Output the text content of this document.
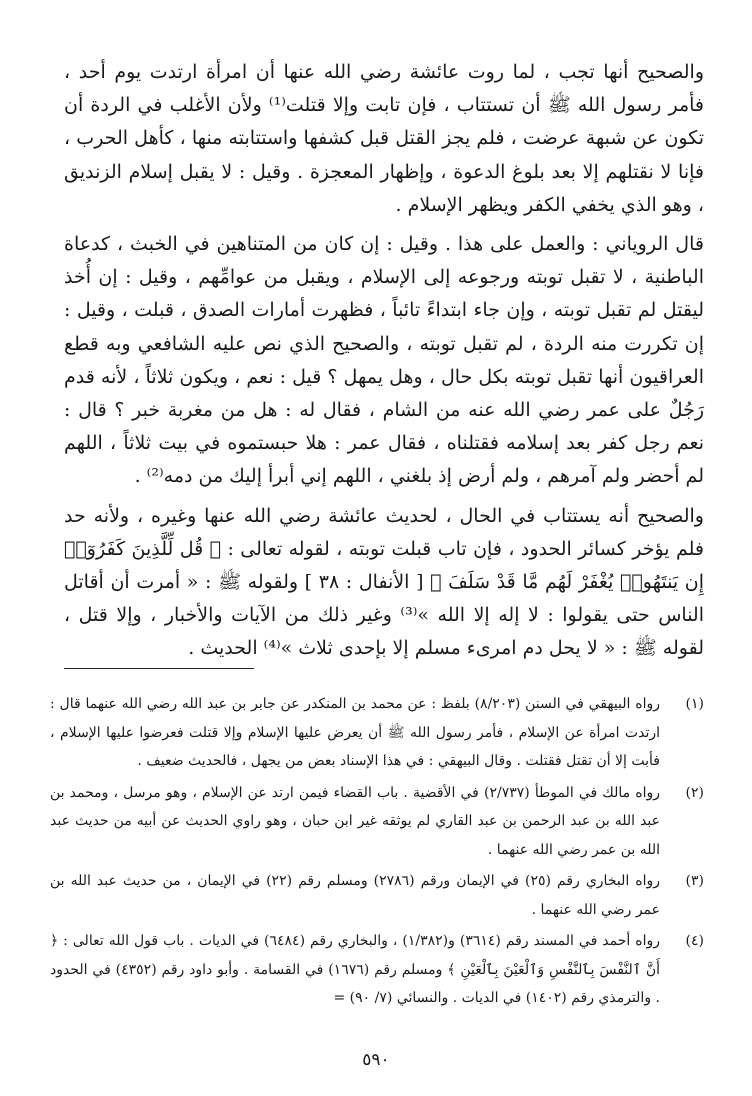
والصحيح أنها تجب ، لما روت عائشة رضي الله عنها أن امرأة ارتدت يوم أحد ، فأمر رسول الله ﷺ أن تستتاب ، فإن تابت وإلا قتلت⁽¹⁾ ولأن الأغلب في الردة أن تكون عن شبهة عرضت ، فلم يجز القتل قبل كشفها واستتابته منها ، كأهل الحرب ، فإنا لا نقتلهم إلا بعد بلوغ الدعوة ، وإظهار المعجزة . وقيل : لا يقبل إسلام الزنديق ، وهو الذي يخفي الكفر ويظهر الإسلام .

قال الروياني : والعمل على هذا . وقيل : إن كان من المتناهين في الخبث ، كدعاة الباطنية ، لا تقبل توبته ورجوعه إلى الإسلام ، ويقبل من عوامِّهم ، وقيل : إن أُخذ ليقتل لم تقبل توبته ، وإن جاء ابتداءً تائباً ، فظهرت أمارات الصدق ، قبلت ، وقيل : إن تكررت منه الردة ، لم تقبل توبته ، والصحيح الذي نص عليه الشافعي وبه قطع العراقيون أنها تقبل توبته بكل حال ، وهل يمهل ؟ قيل : نعم ، ويكون ثلاثاً ، لأنه قدم رَجُلٌ على عمر رضي الله عنه من الشام ، فقال له : هل من مغربة خبر ؟ قال : نعم رجل كفر بعد إسلامه فقتلناه ، فقال عمر : هلا حبستموه في بيت ثلاثاً ، اللهم لم أحضر ولم آمرهم ، ولم أرض إذ بلغني ، اللهم إني أبرأ إليك من دمه⁽²⁾ .

والصحيح أنه يستتاب في الحال ، لحديث عائشة رضي الله عنها وغيره ، ولأنه حد فلم يؤخر كسائر الحدود ، فإن تاب قبلت توبته ، لقوله تعالى : ﴿ قُل لِّلَّذِينَ كَفَرُوٓا۟ إِن يَنتَهُوا۟ يُغْفَرْ لَهُم مَّا قَدْ سَلَفَ ﴾ [ الأنفال : ٣٨ ] ولقوله ﷺ : « أمرت أن أقاتل الناس حتى يقولوا : لا إله إلا الله »⁽³⁾ وغير ذلك من الآيات والأخبار ، وإلا قتل ، لقوله ﷺ : « لا يحل دم امرىء مسلم إلا بإحدى ثلاث »⁽⁴⁾ الحديث .

(١)

رواه البيهقي في السنن (٨/٢٠٣) بلفظ : عن محمد بن المنكدر عن جابر بن عبد الله رضي الله عنهما قال : ارتدت امرأة عن الإسلام ، فأمر رسول الله ﷺ أن يعرض عليها الإسلام وإلا قتلت فعرضوا عليها الإسلام ، فأبت إلا أن تقتل فقتلت . وقال البيهقي : في هذا الإسناد بعض من يجهل ، فالحديث ضعيف .

(٢)

رواه مالك في الموطأ (٢/٧٣٧) في الأقضية . باب القضاء فيمن ارتد عن الإسلام ، وهو مرسل ، ومحمد بن عبد الله بن عبد الرحمن بن عبد القاري لم يوثقه غير ابن حبان ، وهو راوي الحديث عن أبيه من حديث عبد الله بن عمر رضي الله عنهما .

(٣)

رواه البخاري رقم (٢٥) في الإيمان ورقم (٢٧٨٦) ومسلم رقم (٢٢) في الإيمان ، من حديث عبد الله بن عمر رضي الله عنهما .

(٤)

رواه أحمد في المسند رقم (٣٦١٤) و(١/٣٨٢) ، والبخاري رقم (٦٤٨٤) في الديات . باب قول الله تعالى : ﴿ أَنَّ ٱلنَّفْسَ بِٱلنَّفْسِ وَٱلْعَيْنَ بِٱلْعَيْنِ ﴾ ومسلم رقم (١٦٧٦) في القسامة . وأبو داود رقم (٤٣٥٢) في الحدود . والترمذي رقم (١٤٠٢) في الديات . والنسائي (٧/ ٩٠) =

٥٩٠
